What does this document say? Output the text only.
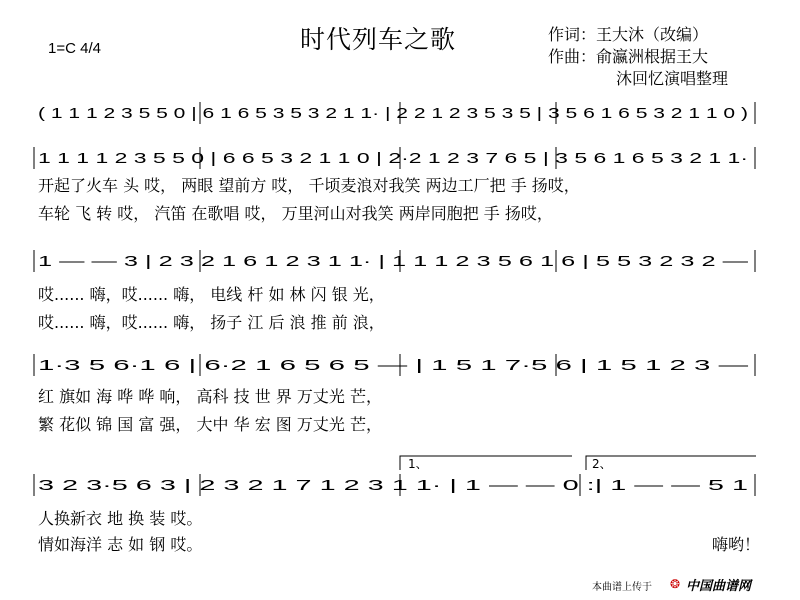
时代列车之歌
1=C 4/4
作词：王大沐（改编）
作曲：俞瀛洲根据王大
沐回忆演唱整理
( 1 1 1 2 3 5 5 0 | 6 1 6 5 3 5 3 2 1 1· | 2 2 1 2 3 5 3 5 | 3 5 6 1 6 5 3 2 1 1 0 )
1 1 1 1 2 3 5 5 0 | 6 6 5 3 2 1 1 0 | 2·2 1 2 3 7 6 5 | 3 5 6 1 6 5 3 2 1 1·
开起了火车 头 哎， 两眼 望前方 哎， 千顷麦浪对我笑 两边工厂把 手 扬哎，
车轮 飞 转 哎， 汽笛 在歌唱 哎， 万里河山对我笑 两岸同胞把 手 扬哎，
1 — — 3 | 2 3 2 1 6 1 2 3 1 1· | 1 1 1 2 3 5 6 1 6 | 5 5 3 2 3 2 —
哎...... 嗨，哎...... 嗨， 电线 杆 如 林 闪 银 光，
哎...... 嗨，哎...... 嗨， 扬子 江 后 浪 推 前 浪，
1·3 5 6·1 6 | 6·2 1 6 5 6 5 — | 1 5 1 7·5 6 | 1 5 1 2 3 —
红 旗如 海 哗 哗 响， 高科 技 世 界 万丈光 芒，
繁 花似 锦 国 富 强， 大中 华 宏 图 万丈光 芒，
3 2 3·5 6 3 | 2 3 2 1 7 1 2 3 1 1· | 1 — — 0 :| 1 — — 5 1
人换新衣 地 换 装 哎。
情如海洋 志 如 钢 哎。
1、	2、
嗨哟！
本曲谱上传于 ❂ 中国曲谱网
